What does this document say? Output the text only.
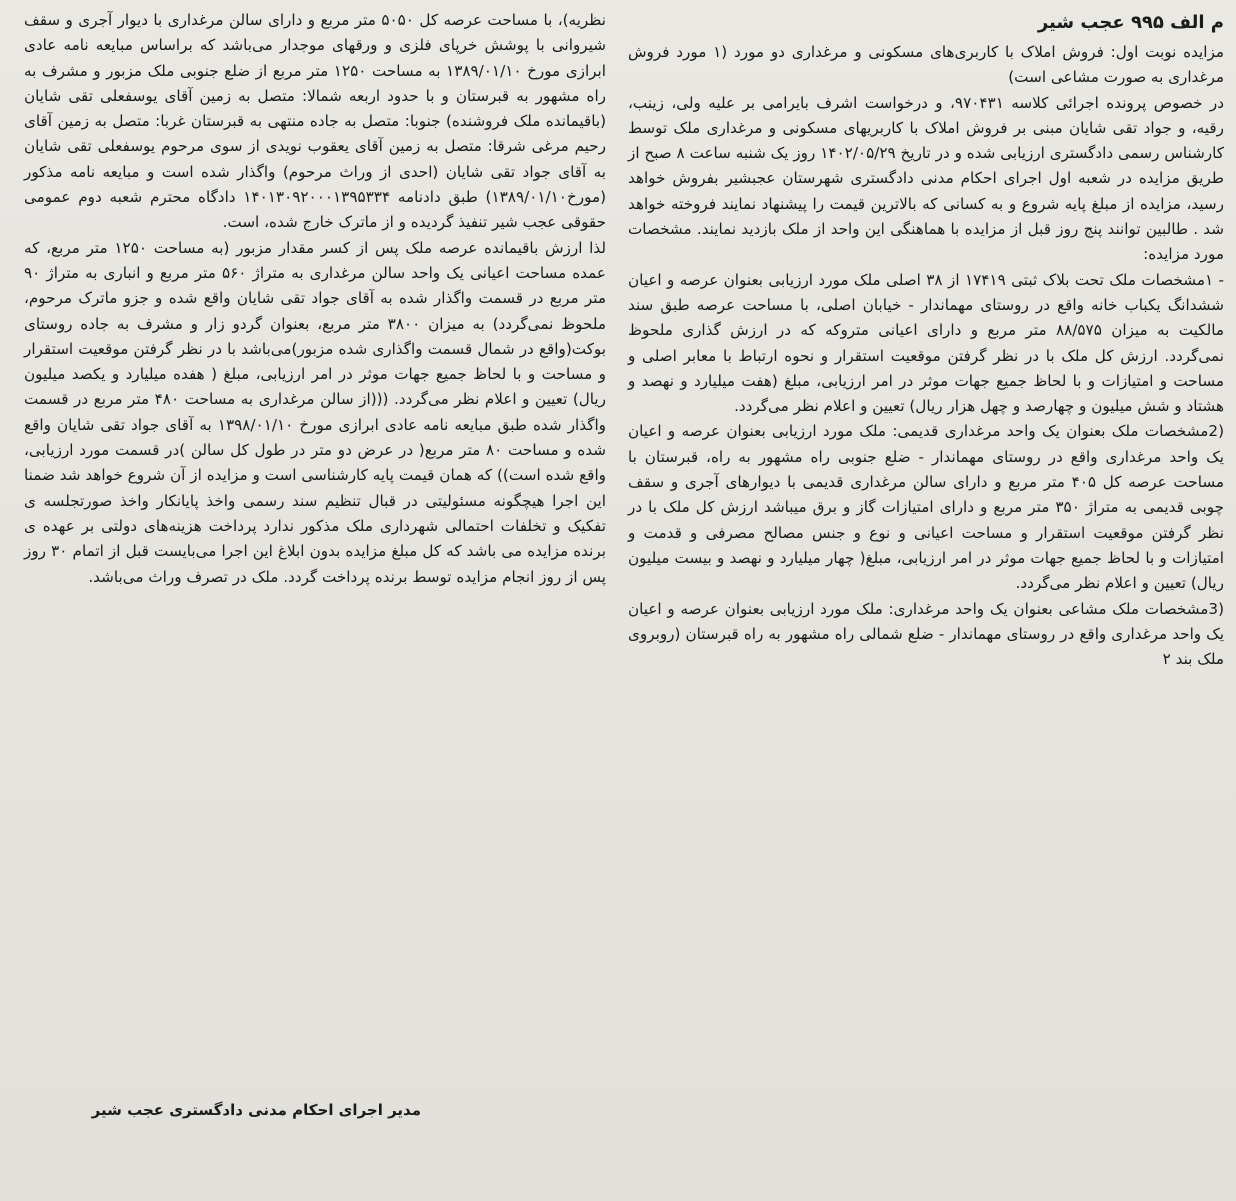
م الف ۹۹۵ عجب شیر

مزایده نوبت اول: فروش املاک با کاربری‌های مسکونی و مرغداری دو مورد (۱ مورد فروش مرغداری به صورت مشاعی است)
در خصوص پرونده اجرائی کلاسه ۹۷۰۴۳۱، و درخواست اشرف بایرامی بر علیه ولی، زینب، رقیه، و جواد تقی شایان مبنی بر فروش املاک با کاربریهای مسکونی و مرغداری ملک توسط کارشناس رسمی دادگستری ارزیابی شده و در تاریخ ۱۴۰۲/۰۵/۲۹ روز یک شنبه ساعت ۸ صبح از طریق مزایده در شعبه اول اجرای احکام مدنی دادگستری شهرستان عجبشیر بفروش خواهد رسید، مزایده از مبلغ پایه شروع و به کسانی که بالاترین قیمت را پیشنهاد نمایند فروخته خواهد شد . طالبین توانند پنج روز قبل از مزایده با هماهنگی این واحد از ملک بازدید نمایند. مشخصات مورد مزایده:
- ۱مشخصات ملک تحت بلاک ثبتی ۱۷۴۱۹ از ۳۸ اصلی ملک مورد ارزیابی بعنوان عرصه و اعیان ششدانگ یکباب خانه واقع در روستای مهماندار - خیابان اصلی، با مساحت عرصه طبق سند مالکیت به میزان ۸۸/۵۷۵ متر مربع و دارای اعیانی متروکه که در ارزش گذاری ملحوظ نمی‌گردد. ارزش کل ملک با در نظر گرفتن موقعیت استقرار و نحوه ارتباط با معابر اصلی و مساحت و امتیازات و با لحاظ جمیع جهات موثر در امر ارزیابی، مبلغ (هفت میلیارد و نهصد و هشتاد و شش میلیون و چهارصد و چهل هزار ریال) تعیین و اعلام نظر می‌گردد.
(2مشخصات ملک بعنوان یک واحد مرغداری قدیمی: ملک مورد ارزیابی بعنوان عرصه و اعیان یک واحد مرغداری واقع در روستای مهماندار - ضلع جنوبی راه مشهور به راه، قبرستان با مساحت عرصه کل ۴۰۵ متر مربع و دارای سالن مرغداری قدیمی با دیوارهای آجری و سقف چوبی قدیمی به متراژ ۳۵۰ متر مربع و دارای امتیازات گاز و برق میباشد ارزش کل ملک با در نظر گرفتن موقعیت استقرار و مساحت اعیانی و نوع و جنس مصالح مصرفی و قدمت و امتیازات و با لحاظ جمیع جهات موثر در امر ارزیابی، مبلغ( چهار میلیارد و نهصد و بیست میلیون ریال) تعیین و اعلام نظر می‌گردد.
(3مشخصات ملک مشاعی بعنوان یک واحد مرغداری: ملک مورد ارزیابی بعنوان عرصه و اعیان یک واحد مرغداری واقع در روستای مهماندار - ضلع شمالی راه مشهور به راه قبرستان (روبروی ملک بند ۲

نظریه)، با مساحت عرصه کل ۵۰۵۰ متر مربع و دارای سالن مرغداری با دیوار آجری و سقف شیروانی با پوشش خرپای فلزی و ورقهای موجدار می‌باشد که براساس مبایعه نامه عادی ابرازی مورخ ۱۳۸۹/۰۱/۱۰ به مساحت ۱۲۵۰ متر مربع از ضلع جنوبی ملک مزبور و مشرف به راه مشهور به قبرستان و با حدود اربعه شمالا: متصل به زمین آقای یوسفعلی تقی شایان (باقیمانده ملک فروشنده) جنوبا: متصل به جاده منتهی به قبرستان غربا: متصل به زمین آقای رحیم مرغی شرقا: متصل به زمین آقای یعقوب نویدی از سوی مرحوم یوسفعلی تقی شایان به آقای جواد تقی شایان (احدی از وراث مرحوم) واگذار شده است و مبایعه نامه مذکور (مورخ۱۳۸۹/۰۱/۱۰) طبق دادنامه ۱۴۰۱۳۰۹۲۰۰۰۱۳۹۵۳۳۴ دادگاه محترم شعبه دوم عمومی حقوقی عجب شیر تنفیذ گردیده و از ماترک خارج شده، است.
لذا ارزش باقیمانده عرصه ملک پس از کسر مقدار مزبور (به مساحت ۱۲۵۰ متر مربع، که عمده مساحت اعیانی یک واحد سالن مرغداری به متراژ ۵۶۰ متر مربع و انباری به متراژ ۹۰ متر مربع در قسمت واگذار شده به آقای جواد تقی شایان واقع شده و جزو ماترک مرحوم، ملحوظ نمی‌گردد) به میزان ۳۸۰۰ متر مربع، بعنوان گردو زار و مشرف به جاده روستای بوکت(واقع در شمال قسمت واگذاری شده مزبور)می‌باشد با در نظر گرفتن موقعیت استقرار و مساحت و با لحاظ جمیع جهات موثر در امر ارزیابی، مبلغ ( هفده میلیارد و یکصد میلیون ریال) تعیین و اعلام نظر می‌گردد. (((از سالن مرغداری به مساحت ۴۸۰ متر مربع در قسمت واگذار شده طبق مبایعه نامه عادی ابرازی مورخ ۱۳۹۸/۰۱/۱۰ به آقای جواد تقی شایان واقع شده و مساحت ۸۰ متر مربع( در عرض دو متر در طول کل سالن )در قسمت مورد ارزیابی، واقع شده است)) که همان قیمت پایه کارشناسی است و مزایده از آن شروع خواهد شد ضمنا این اجرا هیچگونه مسئولیتی در قبال تنظیم سند رسمی واخذ پایانکار واخذ صورتجلسه ی تفکیک و تخلفات احتمالی شهرداری ملک مذکور ندارد پرداخت هزینه‌های دولتی بر عهده ی برنده مزایده می باشد که کل مبلغ مزایده بدون ابلاغ این اجرا می‌بایست قبل از اتمام ۳۰ روز پس از روز انجام مزایده توسط برنده پرداخت گردد. ملک در تصرف وراث می‌باشد.

مدیر اجرای احکام مدنی دادگستری عجب شیر
